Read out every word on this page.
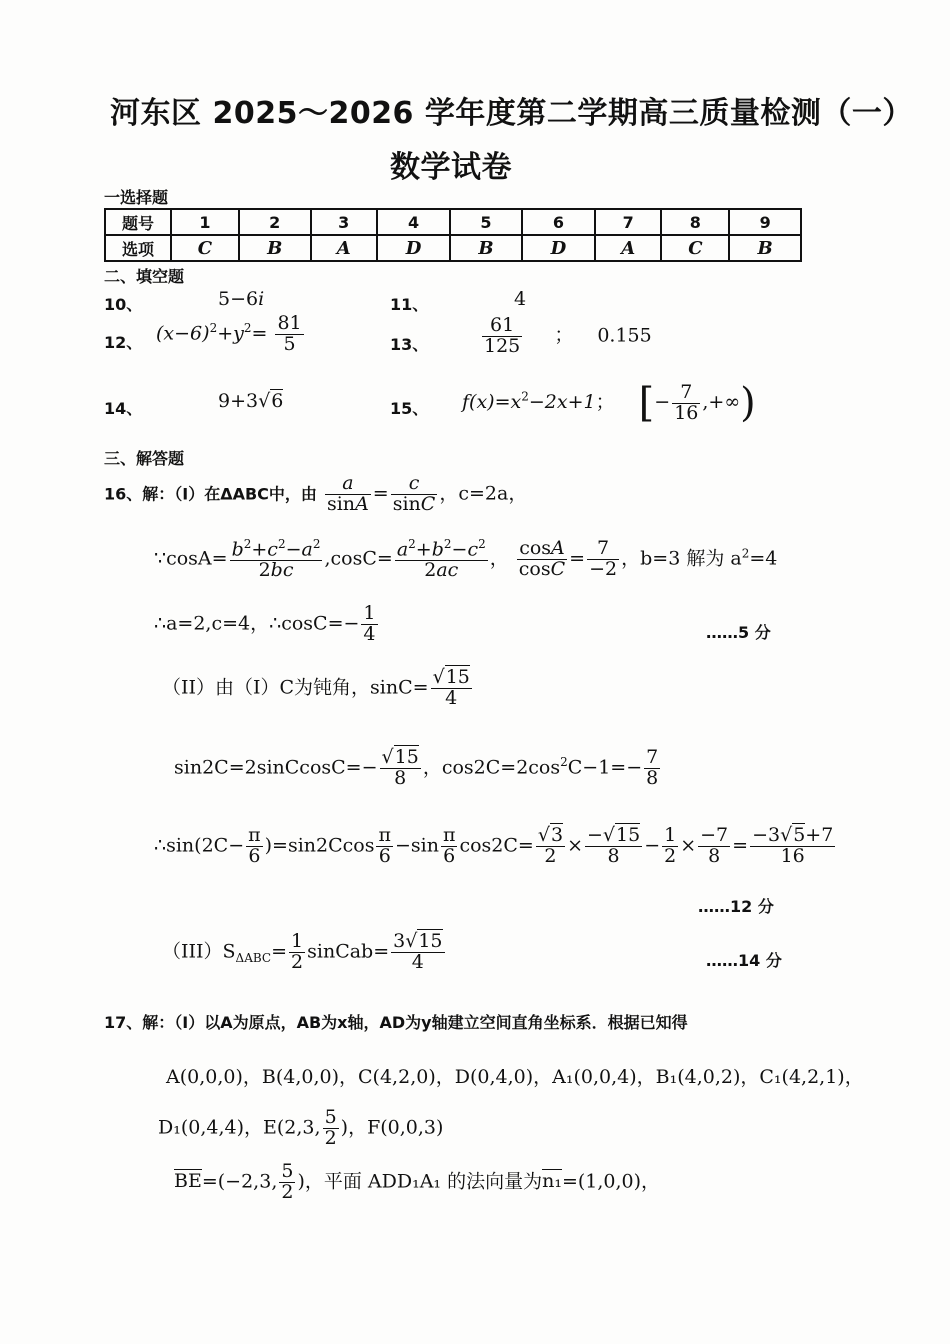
河东区 2025～2026 学年度第二学期高三质量检测（一）
数学试卷
一选择题
题号	1	2	3	4	5	6	7	8	9
选项	C	B	A	D	B	D	A	C	B
二、填空题
10、	5−6i	11、	4
12、 $(x-6)^2+y^2= \frac{81}{5}$	13、	$\frac{61}{125}$ ； 0.155
14、	9+3√6	15、 $f(x)=x^2-2x+1$； [− $\frac{7}{16}$ ,+∞)
三、解答题
16、解：（Ⅰ）在ΔABC中，由 $\frac{a}{\sin A} = \frac{c}{\sin C}$ ，c=2a，
∵cosA= $\frac{b^2+c^2-a^2}{2bc} ,\cos C= \frac{a^2+b^2-c^2}{2ac}$ ， $\frac{\cos A}{\cos C} = \frac{7}{-2}$ ，b=3 解为 $a^2=4$
∴a=2,c=4，∴cosC=− $\frac{1}{4}$	……5 分
（II）由（I）C为钝角，$\sin C= \frac{√15}{4}$
sin2C=2sinCcosC=− $\frac{√15}{8}$ ，$\cos 2C=2\cos^2C-1=- \frac{7}{8}$
∴sin(2C− $\frac{\pi}{6} )=\sin 2Ccos \frac{\pi}{6} -\sin \frac{\pi}{6} \cos 2C= \frac{√3}{2} \times \frac{-√15}{8} - \frac{1}{2} \times \frac{-7}{8} = \frac{-3√5+7}{16}$
……12 分
$(III)S_{\Delta ABC}= \frac{1}{2}$ sinCab= $\frac{3√15}{4}$	……14 分
17、解：（I）以A为原点，AB为x轴，AD为y轴建立空间直角坐标系．根据已知得
A(0,0,0)，B(4,0,0)，C(4,2,0)，D(0,4,0)，A₁(0,0,4)，B₁(4,0,2)，C₁(4,2,1)，
D₁(0,4,4)，E(2,3, $\frac{5}{2}$ )，F(0,0,3)
BE=(−2,3, $\frac{5}{2}$ )，平面 ADD₁A₁ 的法向量为n₁=(1,0,0)，
